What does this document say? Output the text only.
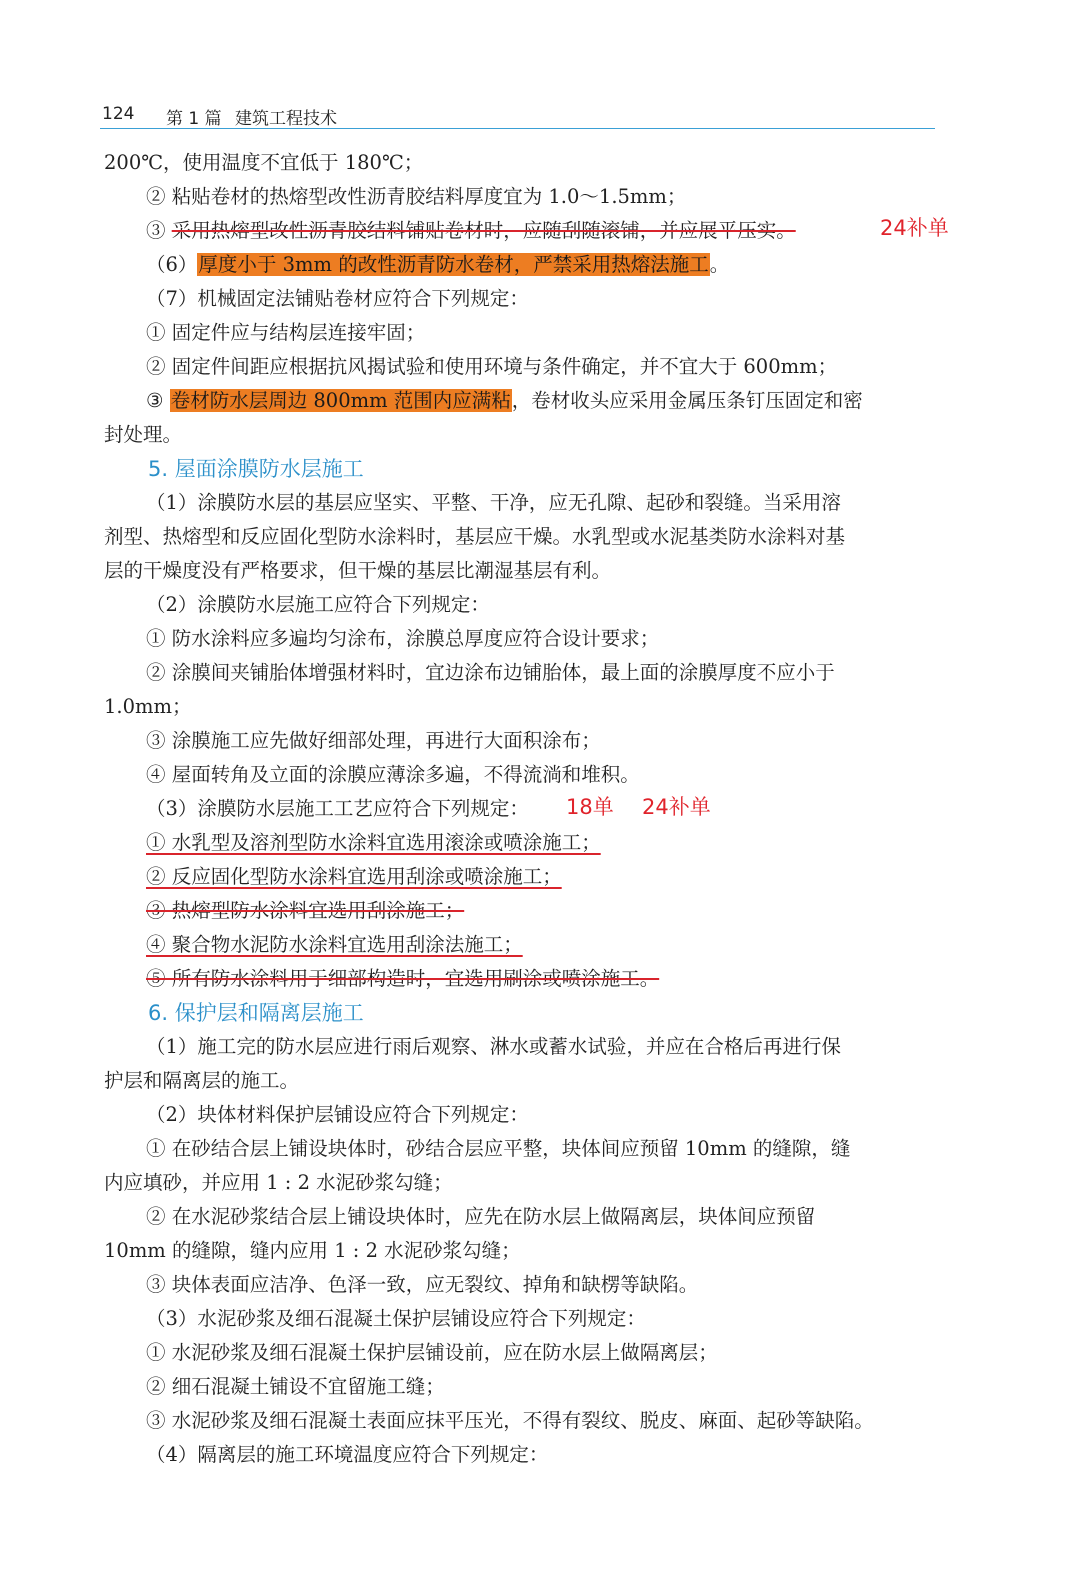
124 第 1 篇 建筑工程技术
200℃，使用温度不宜低于 180℃；
② 粘贴卷材的热熔型改性沥青胶结料厚度宜为 1.0～1.5mm；
③ 采用热熔型改性沥青胶结料铺贴卷材时，应随刮随滚铺，并应展平压实。	24补单
（6）厚度小于 3mm 的改性沥青防水卷材，严禁采用热熔法施工。
（7）机械固定法铺贴卷材应符合下列规定：
① 固定件应与结构层连接牢固；
② 固定件间距应根据抗风揭试验和使用环境与条件确定，并不宜大于 600mm；
③ 卷材防水层周边 800mm 范围内应满粘，卷材收头应采用金属压条钉压固定和密
封处理。
5. 屋面涂膜防水层施工
（1）涂膜防水层的基层应坚实、平整、干净，应无孔隙、起砂和裂缝。当采用溶
剂型、热熔型和反应固化型防水涂料时，基层应干燥。水乳型或水泥基类防水涂料对基
层的干燥度没有严格要求，但干燥的基层比潮湿基层有利。
（2）涂膜防水层施工应符合下列规定：
① 防水涂料应多遍均匀涂布，涂膜总厚度应符合设计要求；
② 涂膜间夹铺胎体增强材料时，宜边涂布边铺胎体，最上面的涂膜厚度不应小于
1.0mm；
③ 涂膜施工应先做好细部处理，再进行大面积涂布；
④ 屋面转角及立面的涂膜应薄涂多遍，不得流淌和堆积。
（3）涂膜防水层施工工艺应符合下列规定：	18单 24补单
① 水乳型及溶剂型防水涂料宜选用滚涂或喷涂施工；
② 反应固化型防水涂料宜选用刮涂或喷涂施工；
③ 热熔型防水涂料宜选用刮涂施工；
④ 聚合物水泥防水涂料宜选用刮涂法施工；
⑤ 所有防水涂料用于细部构造时，宜选用刷涂或喷涂施工。
6. 保护层和隔离层施工
（1）施工完的防水层应进行雨后观察、淋水或蓄水试验，并应在合格后再进行保
护层和隔离层的施工。
（2）块体材料保护层铺设应符合下列规定：
① 在砂结合层上铺设块体时，砂结合层应平整，块体间应预留 10mm 的缝隙，缝
内应填砂，并应用 1 : 2 水泥砂浆勾缝；
② 在水泥砂浆结合层上铺设块体时，应先在防水层上做隔离层，块体间应预留
10mm 的缝隙，缝内应用 1 : 2 水泥砂浆勾缝；
③ 块体表面应洁净、色泽一致，应无裂纹、掉角和缺楞等缺陷。
（3）水泥砂浆及细石混凝土保护层铺设应符合下列规定：
① 水泥砂浆及细石混凝土保护层铺设前，应在防水层上做隔离层；
② 细石混凝土铺设不宜留施工缝；
③ 水泥砂浆及细石混凝土表面应抹平压光，不得有裂纹、脱皮、麻面、起砂等缺陷。
（4）隔离层的施工环境温度应符合下列规定：
